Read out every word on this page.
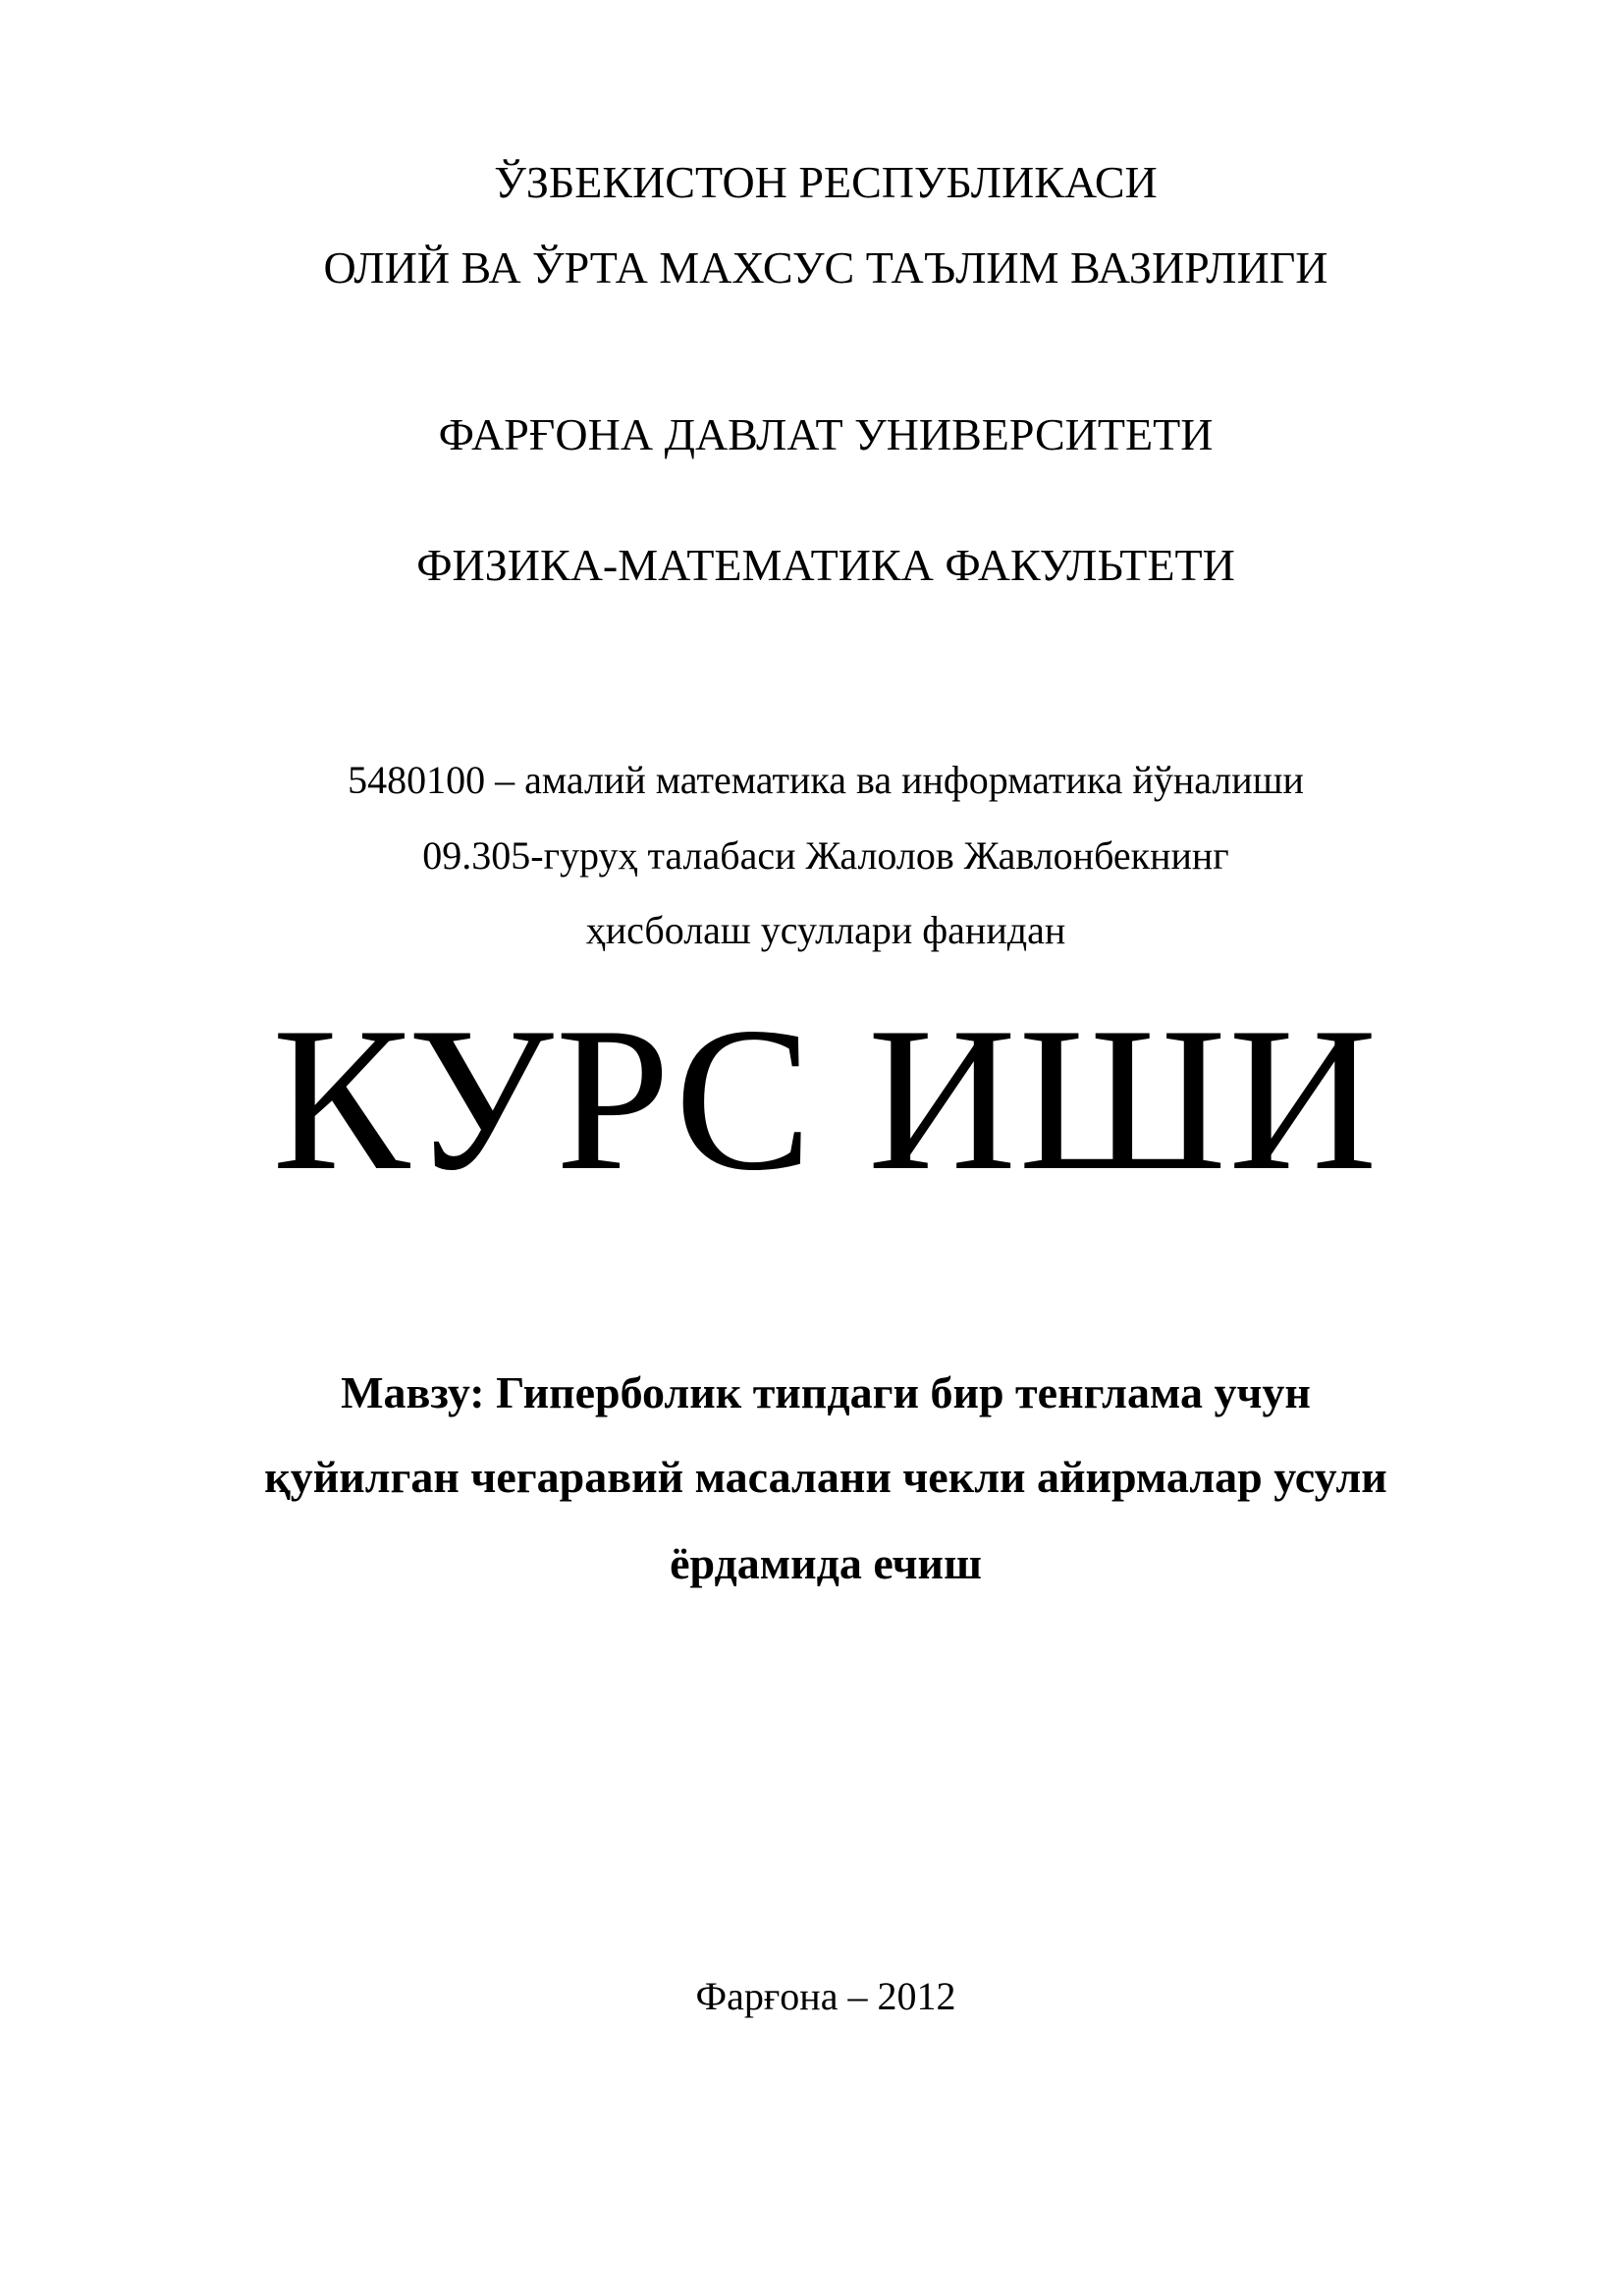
ЎЗБЕКИСТОН РЕСПУБЛИКАСИ
ОЛИЙ ВА ЎРТА МАХСУС ТАЪЛИМ ВАЗИРЛИГИ
ФАРҒОНА ДАВЛАТ УНИВЕРСИТЕТИ
ФИЗИКА-МАТЕМАТИКА ФАКУЛЬТЕТИ
5480100 – амалий математика ва информатика йўналиши
09.305-гуруҳ талабаси Жалолов Жавлонбекнинг
ҳисболаш усуллари фанидан
КУРС ИШИ
Мавзу: Гиперболик типдаги бир тенглама учун
қуйилган чегаравий масалани чекли айирмалар усули
ёрдамида ечиш
Фарғона – 2012
